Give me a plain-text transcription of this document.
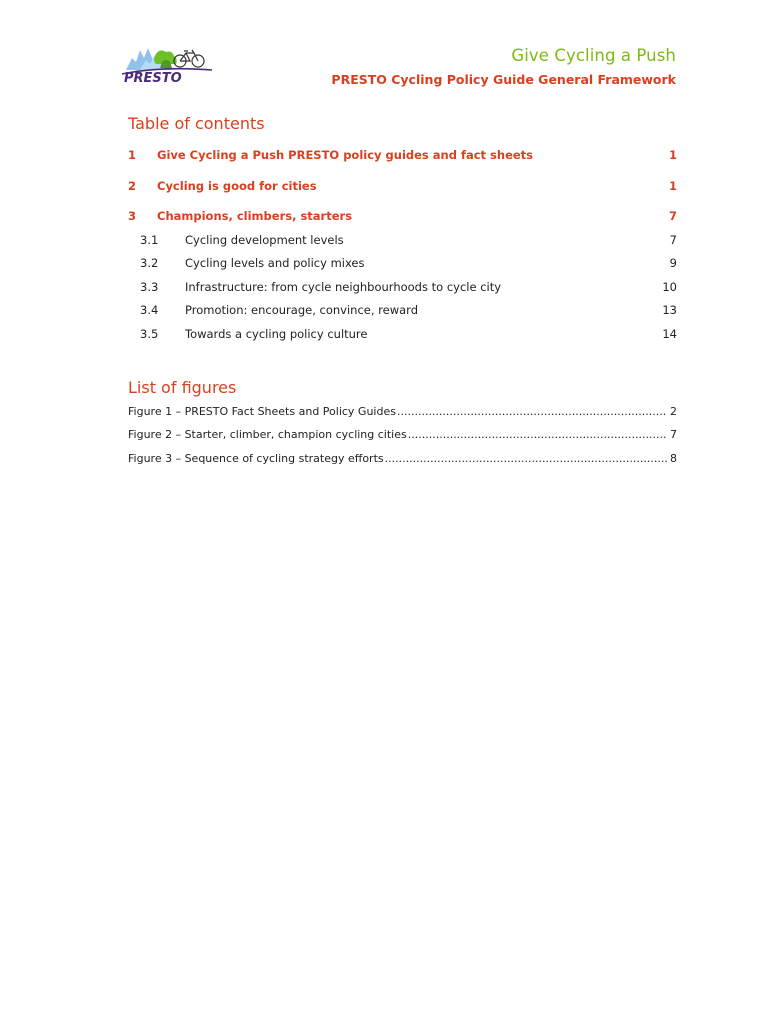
PRESTO
Give Cycling a Push
PRESTO Cycling Policy Guide General Framework
Table of contents
1 Give Cycling a Push PRESTO policy guides and fact sheets	1
2 Cycling is good for cities	1
3 Champions, climbers, starters	7
3.1 Cycling development levels	7
3.2 Cycling levels and policy mixes	9
3.3 Infrastructure: from cycle neighbourhoods to cycle city	10
3.4 Promotion: encourage, convince, reward	13
3.5 Towards a cycling policy culture	14
List of figures
Figure 1 – PRESTO Fact Sheets and Policy Guides .....	2
Figure 2 – Starter, climber, champion cycling cities .....	7
Figure 3 – Sequence of cycling strategy efforts .....	8
